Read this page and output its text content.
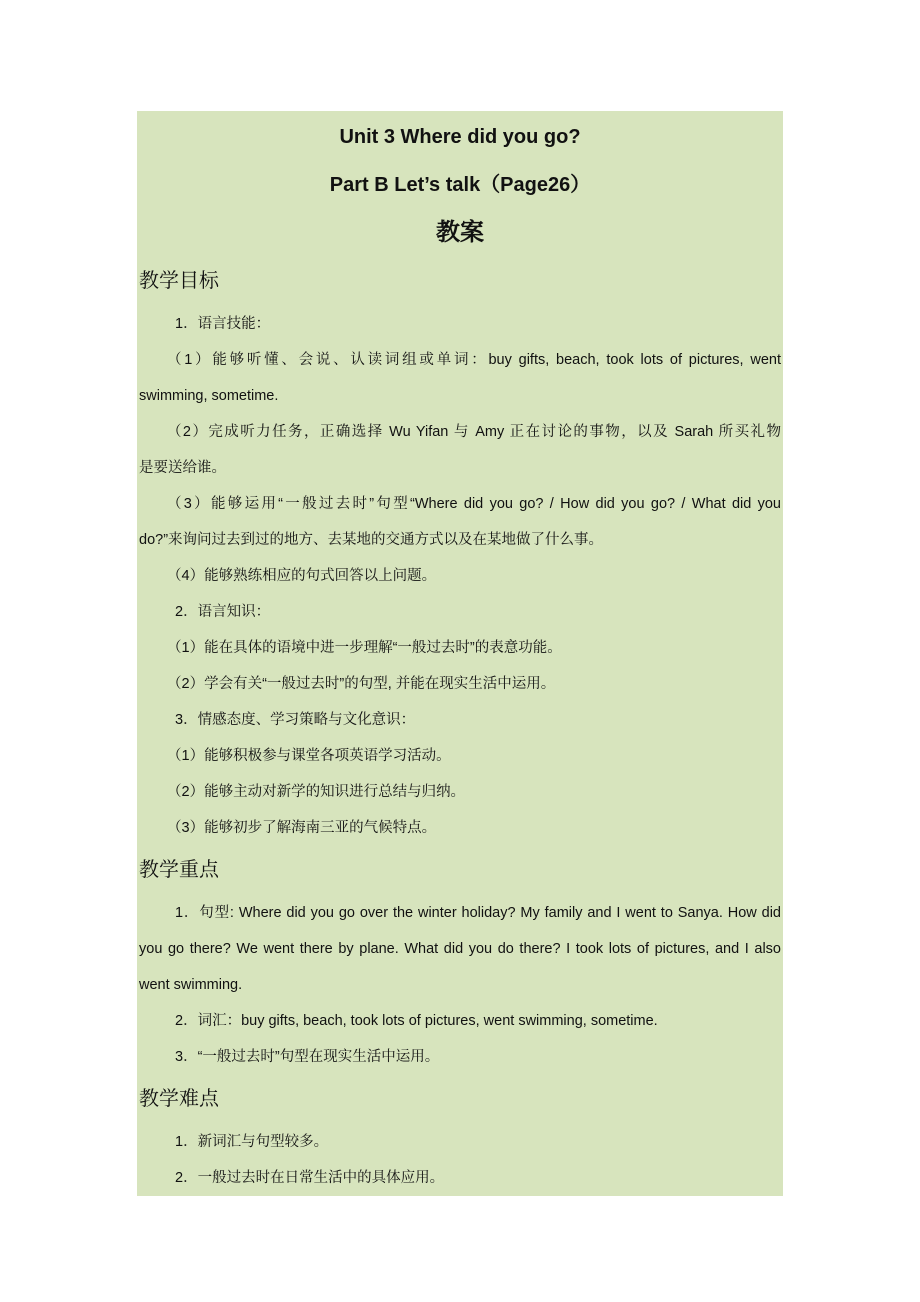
Unit 3 Where did you go?
Part B Let’s talk（Page26）
教案
教学目标
1．语言技能：
（1）能够听懂、会说、认读词组或单词：buy gifts, beach, took lots of pictures, went
swimming, sometime.
（2）完成听力任务，正确选择 Wu Yifan 与 Amy 正在讨论的事物，以及 Sarah 所买礼物
是要送给谁。
（3）能够运用“一般过去时”句型“Where did you go? / How did you go? / What did you
do?”来询问过去到过的地方、去某地的交通方式以及在某地做了什么事。
（4）能够熟练相应的句式回答以上问题。
2．语言知识：
（1）能在具体的语境中进一步理解“一般过去时”的表意功能。
（2）学会有关“一般过去时”的句型, 并能在现实生活中运用。
3．情感态度、学习策略与文化意识：
（1）能够积极参与课堂各项英语学习活动。
（2）能够主动对新学的知识进行总结与归纳。
（3）能够初步了解海南三亚的气候特点。
教学重点
1．句型: Where did you go over the winter holiday? My family and I went to Sanya. How did
you go there? We went there by plane. What did you do there? I took lots of pictures, and I also
went swimming.
2．词汇：buy gifts, beach, took lots of pictures, went swimming, sometime.
3．“一般过去时”句型在现实生活中运用。
教学难点
1．新词汇与句型较多。
2．一般过去时在日常生活中的具体应用。
